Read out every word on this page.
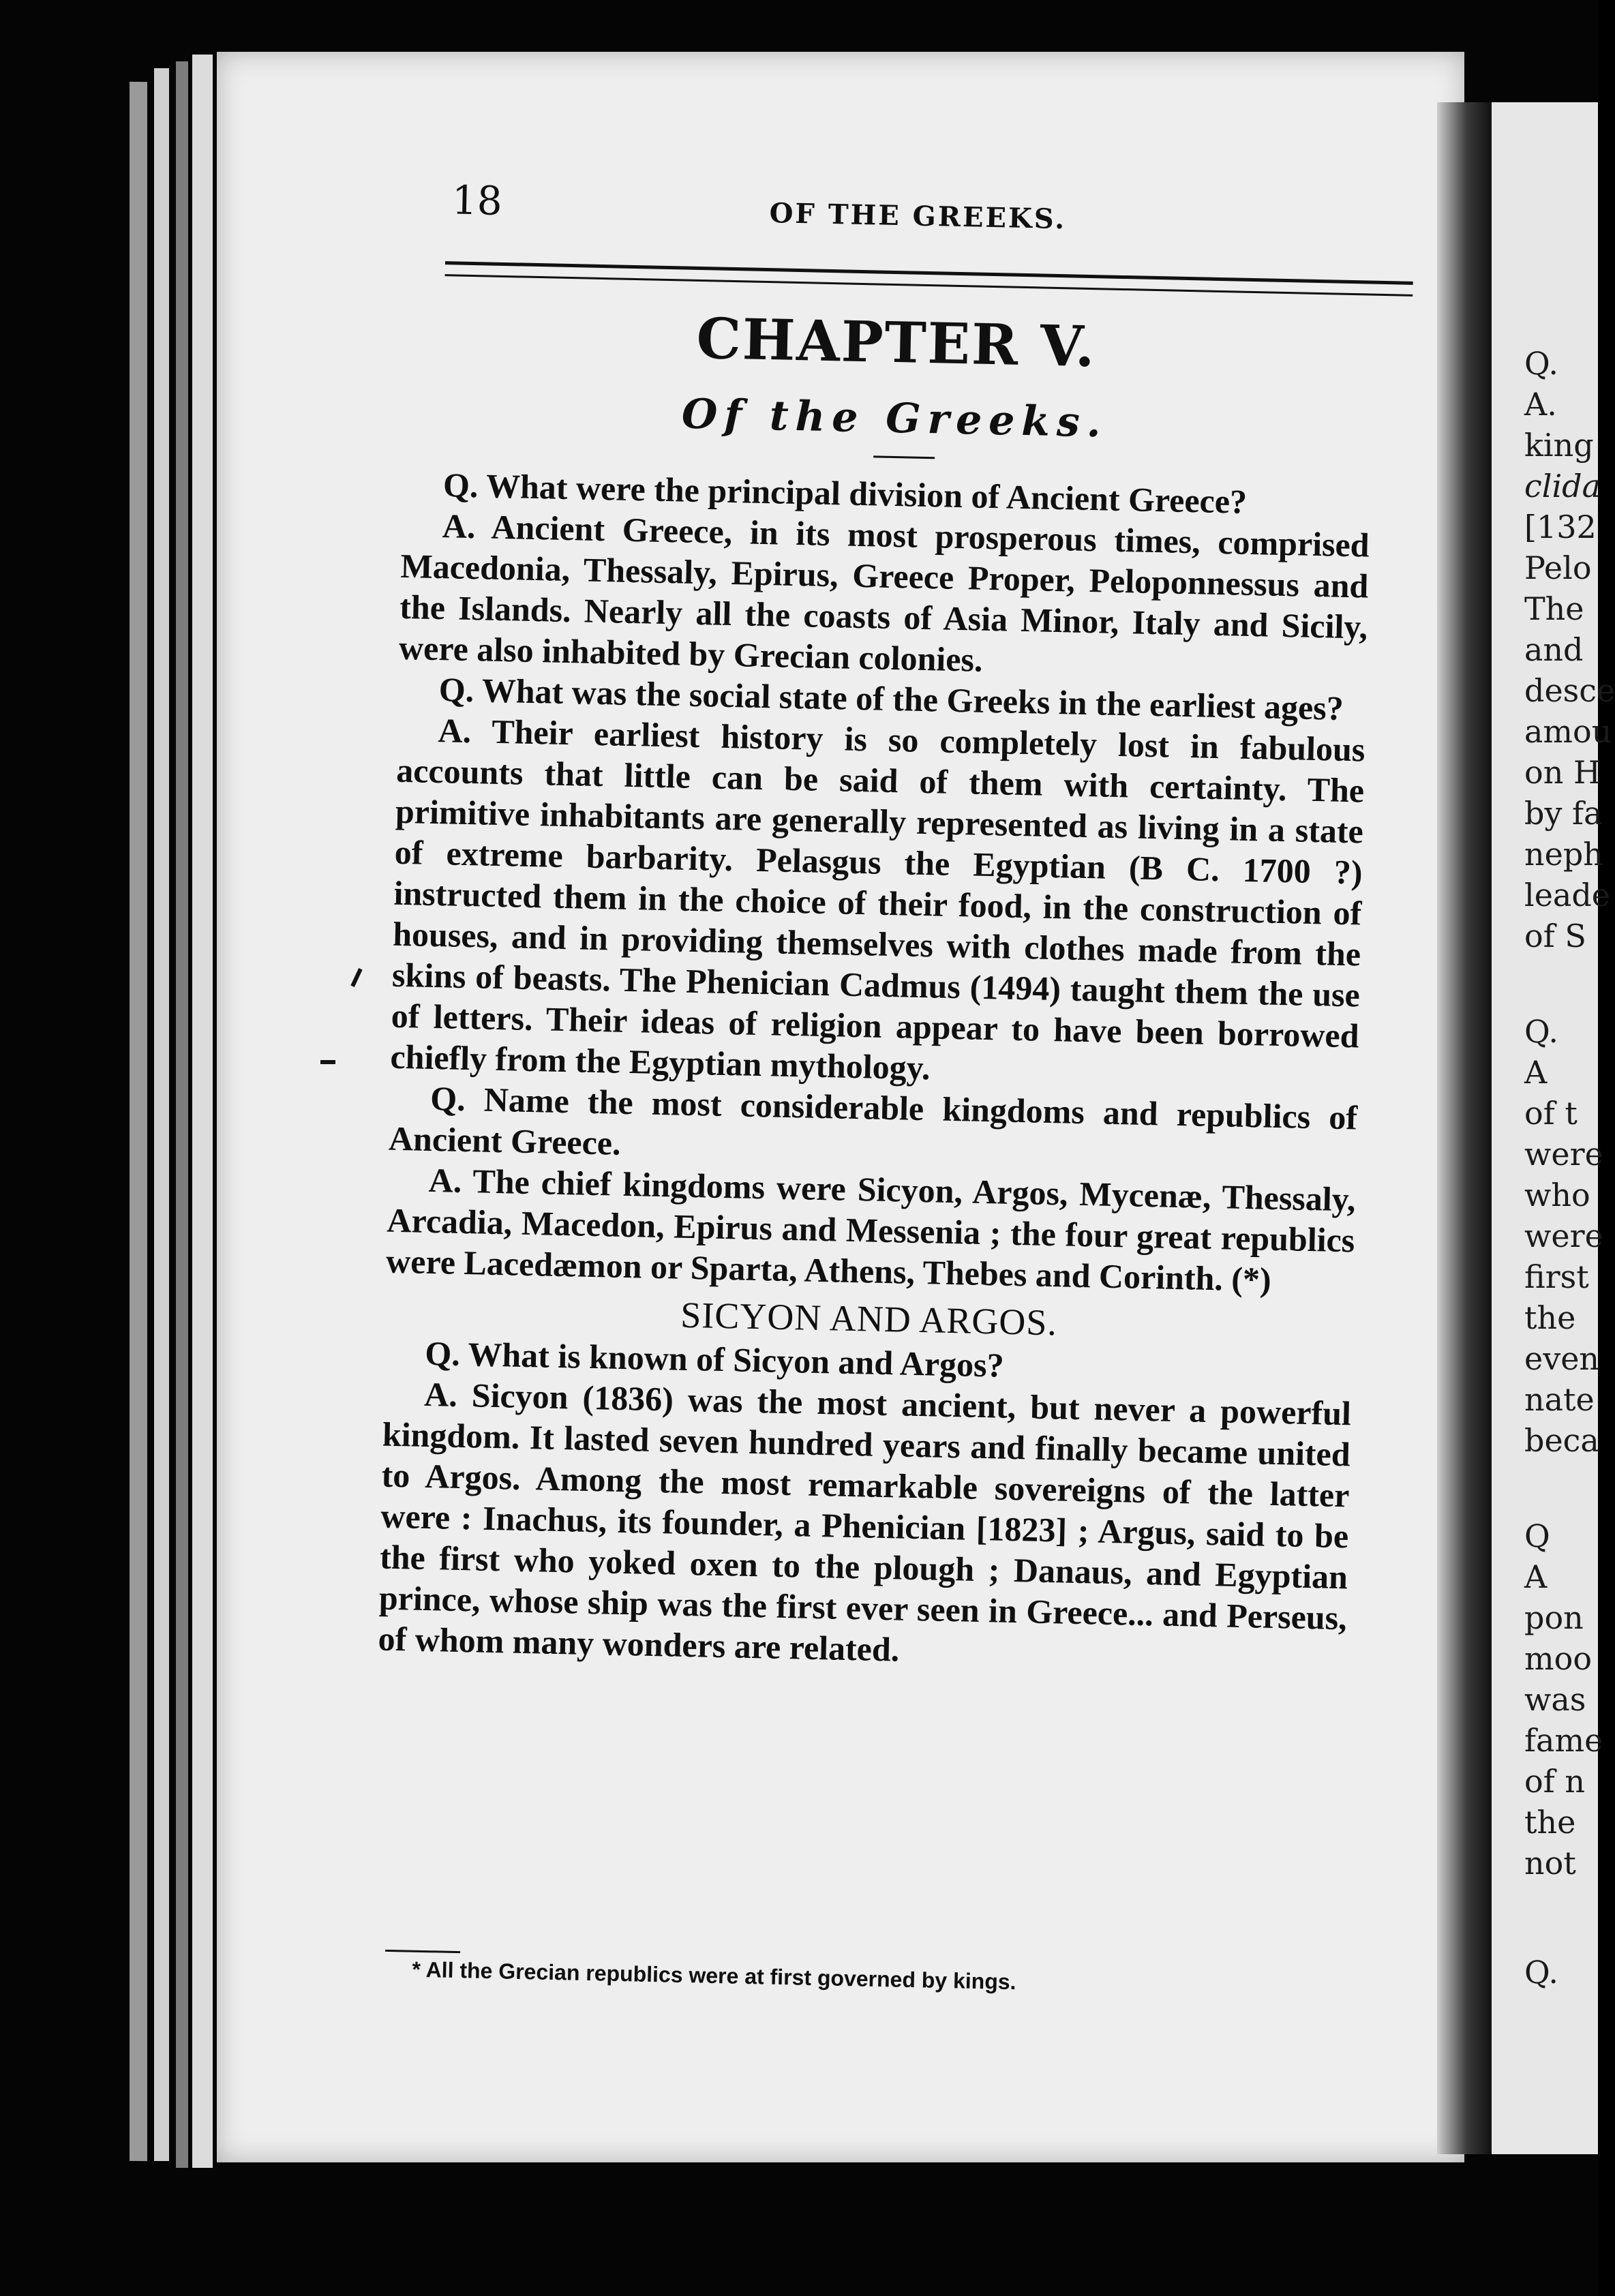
Q.
A.
king
clida
[132
Pelo
The
and
desce
amou
on H
by fa
neph
leade
of S
Q.
A
of t
were
who
were
first
the
even
nate
beca
Q
A
pon
moo
was
fame
of n
the
not
Q.
18	OF THE GREEKS.
CHAPTER V.
Of the Greeks.

Q. What were the principal division of Ancient Greece?

A. Ancient Greece, in its most prosperous times, comprised Macedonia, Thessaly, Epirus, Greece Proper, Peloponnessus and the Islands. Nearly all the coasts of Asia Minor, Italy and Sicily, were also inhabited by Grecian colonies.

Q. What was the social state of the Greeks in the earliest ages?

A. Their earliest history is so completely lost in fabulous accounts that little can be said of them with certainty. The primitive inhabitants are generally represented as living in a state of extreme barbarity. Pelasgus the Egyptian (B C. 1700 ?) instructed them in the choice of their food, in the construction of houses, and in providing themselves with clothes made from the skins of beasts. The Phenician Cadmus (1494) taught them the use of letters. Their ideas of religion appear to have been borrowed chiefly from the Egyptian mythology.

Q. Name the most considerable kingdoms and republics of Ancient Greece.

A. The chief kingdoms were Sicyon, Argos, Mycenæ, Thessaly, Arcadia, Macedon, Epirus and Messenia ; the four great republics were Lacedæmon or Sparta, Athens, Thebes and Corinth. (*)

SICYON AND ARGOS.

Q. What is known of Sicyon and Argos?

A. Sicyon (1836) was the most ancient, but never a powerful kingdom. It lasted seven hundred years and finally became united to Argos. Among the most remarkable sovereigns of the latter were : Inachus, its founder, a Phenician [1823] ; Argus, said to be the first who yoked oxen to the plough ; Danaus, and Egyptian prince, whose ship was the first ever seen in Greece... and Perseus, of whom many wonders are related.

* All the Grecian republics were at first governed by kings.
